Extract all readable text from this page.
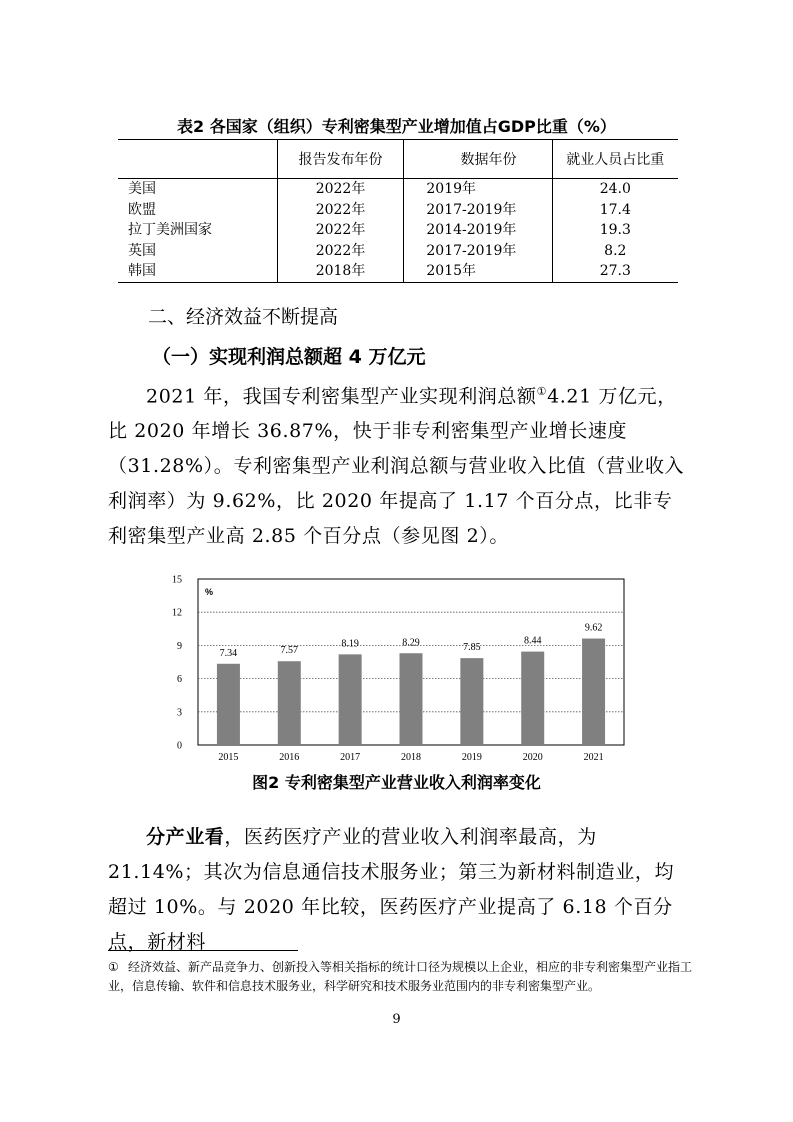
表2 各国家（组织）专利密集型产业增加值占GDP比重（%）
	报告发布年份	数据年份	就业人员占比重
美国	2022年	2019年	24.0
欧盟	2022年	2017-2019年	17.4
拉丁美洲国家	2022年	2014-2019年	19.3
英国	2022年	2017-2019年	8.2
韩国	2018年	2015年	27.3
二、经济效益不断提高
（一）实现利润总额超 4 万亿元
2021 年，我国专利密集型产业实现利润总额①4.21 万亿元，比 2020 年增长 36.87%，快于非专利密集型产业增长速度（31.28%）。专利密集型产业利润总额与营业收入比值（营业收入利润率）为 9.62%，比 2020 年提高了 1.17 个百分点，比非专利密集型产业高 2.85 个百分点（参见图 2）。
0
3
6
9
12
15
%
7.34
2015
7.57
2016
8.19
2017
8.29
2018
7.85
2019
8.44
2020
9.62
2021
图2 专利密集型产业营业收入利润率变化
分产业看，医药医疗产业的营业收入利润率最高，为 21.14%；其次为信息通信技术服务业；第三为新材料制造业，均超过 10%。与 2020 年比较，医药医疗产业提高了 6.18 个百分点，新材料
① 经济效益、新产品竞争力、创新投入等相关指标的统计口径为规模以上企业，相应的非专利密集型产业指工业，信息传输、软件和信息技术服务业，科学研究和技术服务业范围内的非专利密集型产业。
9
